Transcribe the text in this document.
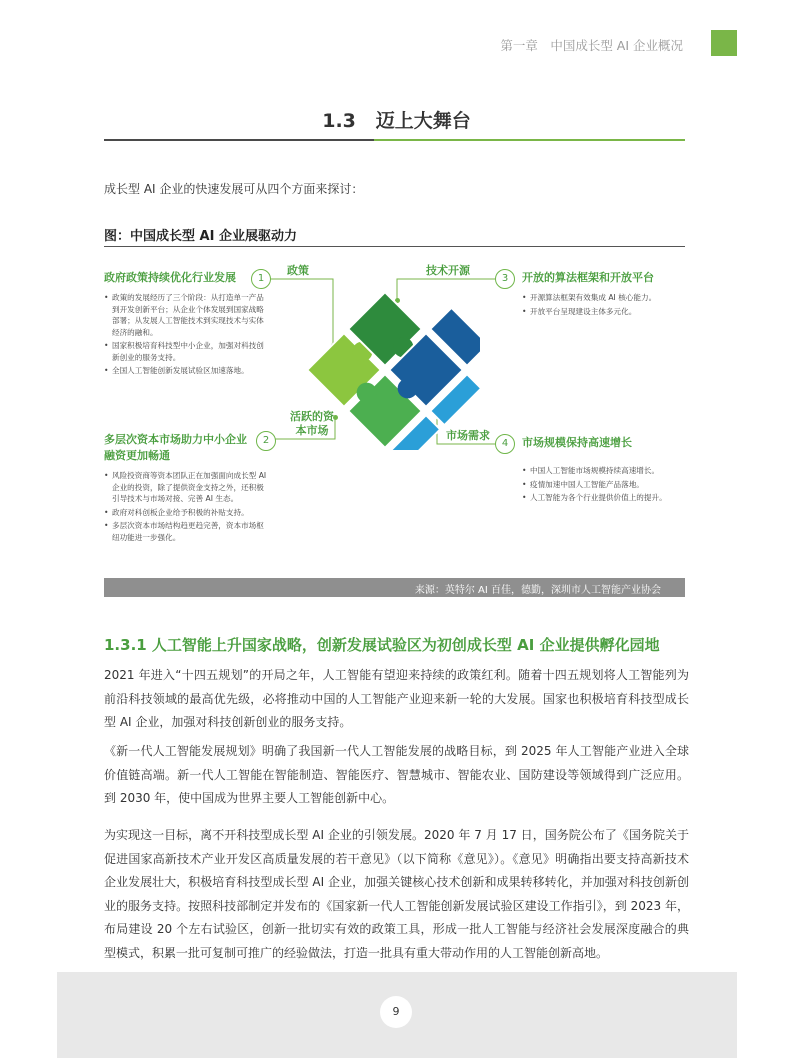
第一章　中国成长型 AI 企业概况
1.3 迈上大舞台
成长型 AI 企业的快速发展可从四个方面来探讨：
图：中国成长型 AI 企业展驱动力
政策	技术开源
活跃的资本市场	市场需求
1
政府政策持续优化行业发展
• 政策的发展经历了三个阶段：从打造单一产品到开发创新平台；从企业个体发展到国家战略部署；从发展人工智能技术到实现技术与实体经济的融和。
• 国家积极培育科技型中小企业，加强对科技创新创业的服务支持。
• 全国人工智能创新发展试验区加速落地。
2
多层次资本市场助力中小企业融资更加畅通
• 风险投资商等资本团队正在加强面向成长型 AI 企业的投资，除了提供资金支持之外，还积极引导技术与市场对接、完善 AI 生态。
• 政府对科创板企业给予积极的补贴支持。
• 多层次资本市场结构趋更趋完善，资本市场枢纽功能进一步强化。
3	开放的算法框架和开放平台
• 开源算法框架有效集成 AI 核心能力。
• 开放平台呈现建设主体多元化。
4	市场规模保持高速增长
• 中国人工智能市场规模持续高速增长。
• 疫情加速中国人工智能产品落地。
• 人工智能为各个行业提供价值上的提升。
来源：英特尔 AI 百佳，德勤，深圳市人工智能产业协会
1.3.1 人工智能上升国家战略，创新发展试验区为初创成长型 AI 企业提供孵化园地

2021 年进入“十四五规划”的开局之年，人工智能有望迎来持续的政策红利。随着十四五规划将人工智能列为前沿科技领域的最高优先级，必将推动中国的人工智能产业迎来新一轮的大发展。国家也积极培育科技型成长型 AI 企业，加强对科技创新创业的服务支持。

《新一代人工智能发展规划》明确了我国新一代人工智能发展的战略目标，到 2025 年人工智能产业进入全球价值链高端。新一代人工智能在智能制造、智能医疗、智慧城市、智能农业、国防建设等领域得到广泛应用。到 2030 年，使中国成为世界主要人工智能创新中心。

为实现这一目标，离不开科技型成长型 AI 企业的引领发展。2020 年 7 月 17 日，国务院公布了《国务院关于促进国家高新技术产业开发区高质量发展的若干意见》（以下简称《意见》）。《意见》明确指出要支持高新技术企业发展壮大，积极培育科技型成长型 AI 企业，加强关键核心技术创新和成果转移转化，并加强对科技创新创业的服务支持。按照科技部制定并发布的《国家新一代人工智能创新发展试验区建设工作指引》，到 2023 年，布局建设 20 个左右试验区，创新一批切实有效的政策工具，形成一批人工智能与经济社会发展深度融合的典型模式，积累一批可复制可推广的经验做法，打造一批具有重大带动作用的人工智能创新高地。

9
